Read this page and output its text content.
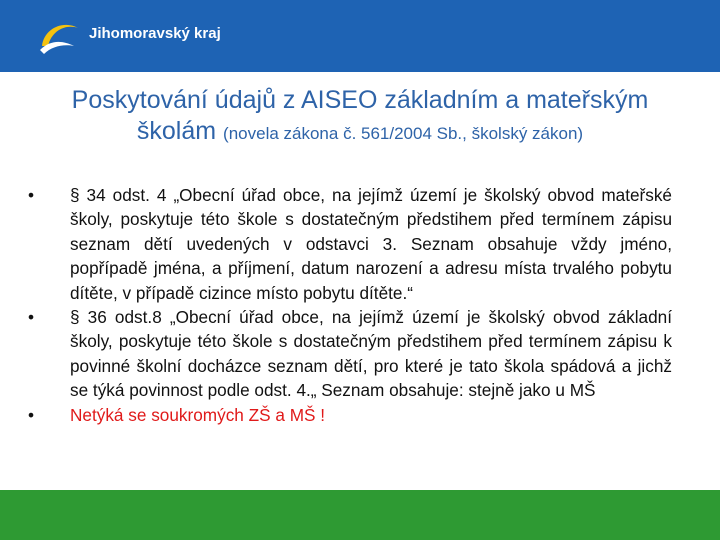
Jihomoravský kraj
Poskytování údajů z AISEO základním a mateřským školám (novela zákona č. 561/2004 Sb., školský zákon)
•	§ 34 odst. 4 „Obecní úřad obce, na jejímž území je školský obvod mateřské školy, poskytuje této škole s dostatečným předstihem před termínem zápisu seznam dětí uvedených v odstavci 3. Seznam obsahuje vždy jméno, popřípadě jména, a příjmení, datum narození a adresu místa trvalého pobytu dítěte, v případě cizince místo pobytu dítěte.“
•	§ 36 odst.8 „Obecní úřad obce, na jejímž území je školský obvod základní školy, poskytuje této škole s dostatečným předstihem před termínem zápisu k povinné školní docházce seznam dětí, pro které je tato škola spádová a jichž se týká povinnost podle odst. 4.„ Seznam obsahuje: stejně jako u MŠ
•	Netýká se soukromých ZŠ a MŠ !
